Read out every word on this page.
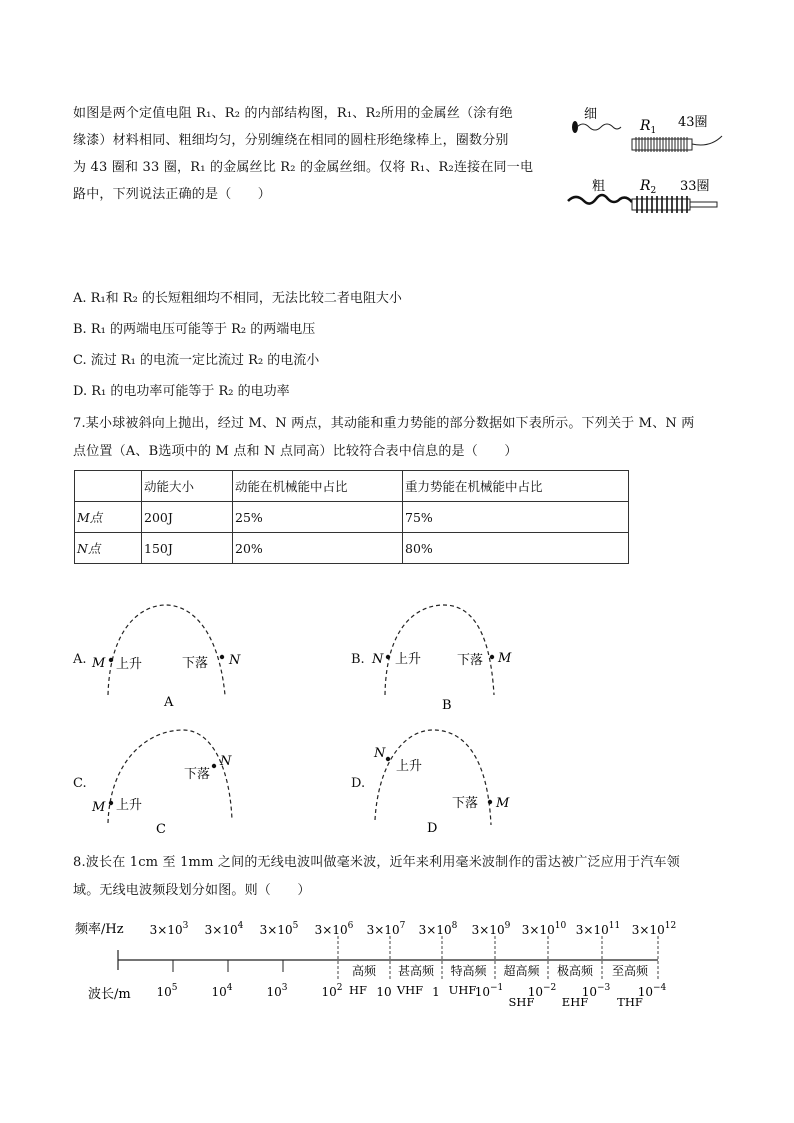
如图是两个定值电阻 R₁、R₂ 的内部结构图，R₁、R₂所用的金属丝（涂有绝
缘漆）材料相同、粗细均匀，分别缠绕在相同的圆柱形绝缘棒上，圈数分别
为 43 圈和 33 圈，R₁ 的金属丝比 R₂ 的金属丝细。仅将 R₁、R₂连接在同一电
路中，下列说法正确的是（　　）
细
$R_1$
43圈
粗 $R_2$ 33圈
A. R₁和 R₂ 的长短粗细均不相同，无法比较二者电阻大小
B. R₁ 的两端电压可能等于 R₂ 的两端电压
C. 流过 R₁ 的电流一定比流过 R₂ 的电流小
D. R₁ 的电功率可能等于 R₂ 的电功率
7.某小球被斜向上抛出，经过 M、N 两点，其动能和重力势能的部分数据如下表所示。下列关于 M、N 两
点位置（A、B选项中的 M 点和 N 点同高）比较符合表中信息的是（　　）
	动能大小	动能在机械能中占比	重力势能在机械能中占比
M点	200J	25%	75%
N点	150J	20%	80%
A. M 上升	下落 N
A
B. N 上升	下落 M
B
C.
M 上升
下落
N
C
D.
N
上升
下落 M
D
8.波长在 1cm 至 1mm 之间的无线电波叫做毫米波，近年来利用毫米波制作的雷达被广泛应用于汽车领
域。无线电波频段划分如图。则（　　）
频率/Hz
波长/m
$3\times 10^3$
$10^5$
$3\times 10^4$
$10^4$
$3\times 10^5$
$10^3$
$3\times 10^6$
$10^2$
$3\times 10^7$
10
$3\times 10^8$
1
$3\times 10^9$
$10^{-1}$
$3\times 10^{10}$
$10^{-2}$
$3\times 10^{11}$
$10^{-3}$
$3\times 10^{12}$
$10^{-4}$
高频
HF
甚高频
VHF
特高频
UHF
超高频
SHF
极高频
EHF
至高频
THF
